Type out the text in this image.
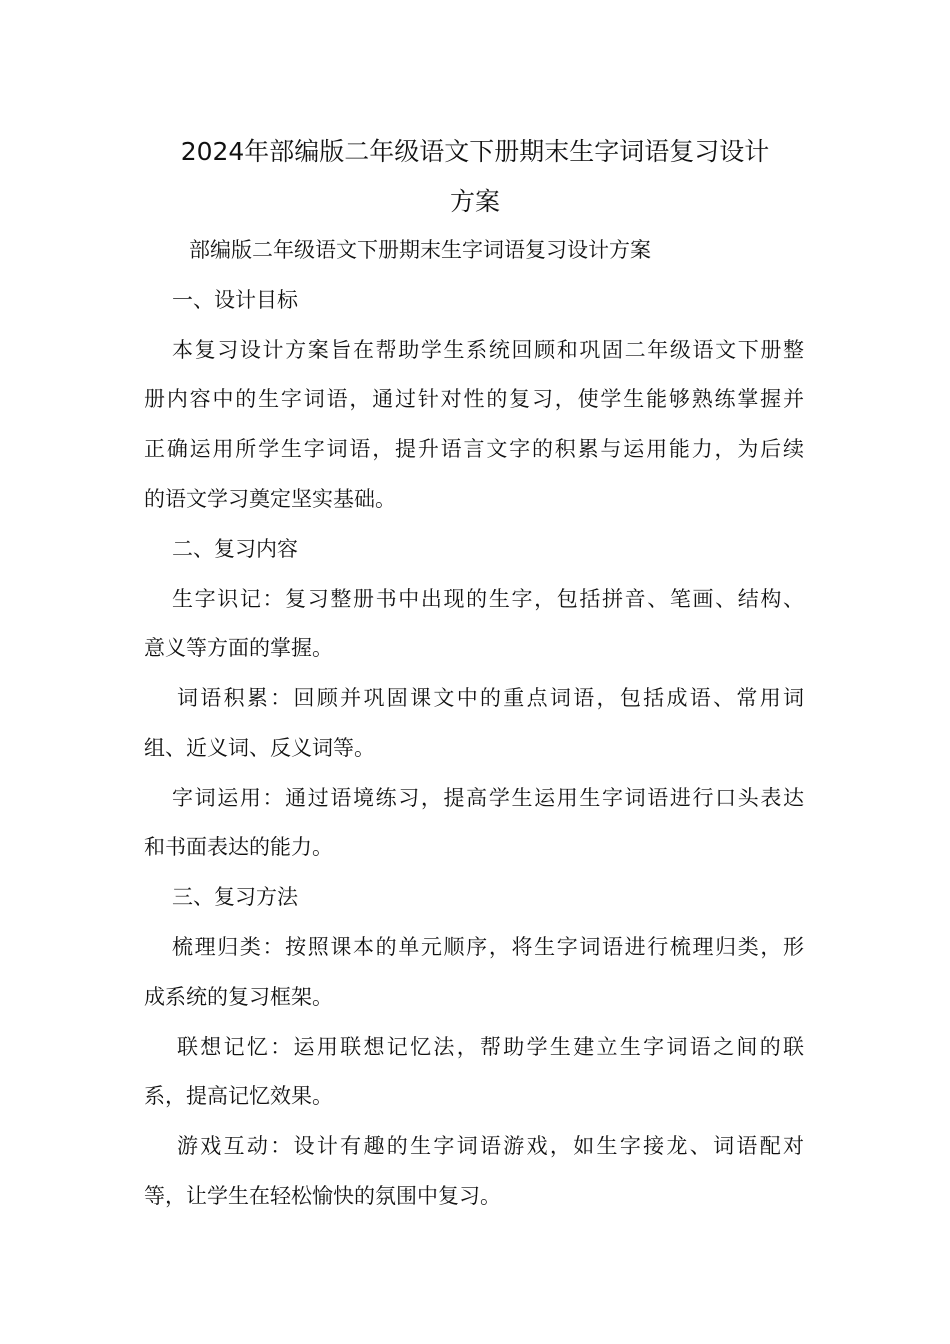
2024年部编版二年级语文下册期末生字词语复习设计
方案
部编版二年级语文下册期末生字词语复习设计方案
一、设计目标
本复习设计方案旨在帮助学生系统回顾和巩固二年级语文下册整
册内容中的生字词语，通过针对性的复习，使学生能够熟练掌握并
正确运用所学生字词语，提升语言文字的积累与运用能力，为后续
的语文学习奠定坚实基础。
二、复习内容
生字识记：复习整册书中出现的生字，包括拼音、笔画、结构、
意义等方面的掌握。
词语积累：回顾并巩固课文中的重点词语，包括成语、常用词
组、近义词、反义词等。
字词运用：通过语境练习，提高学生运用生字词语进行口头表达
和书面表达的能力。
三、复习方法
梳理归类：按照课本的单元顺序，将生字词语进行梳理归类，形
成系统的复习框架。
联想记忆：运用联想记忆法，帮助学生建立生字词语之间的联
系，提高记忆效果。
游戏互动：设计有趣的生字词语游戏，如生字接龙、词语配对
等，让学生在轻松愉快的氛围中复习。
